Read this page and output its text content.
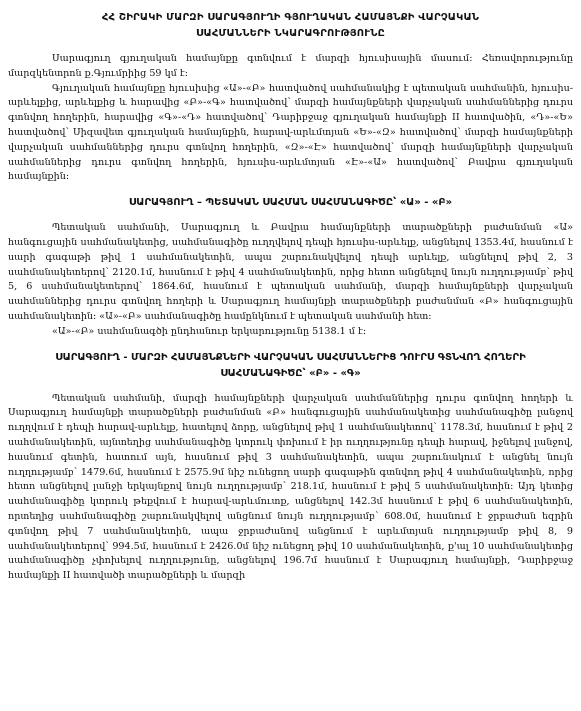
ՀՀ ՇԻՐԱԿԻ ՄԱՐԶԻ ՍԱՐԱԳՅՈՒՂԻ ԳՅՈՒՂԱԿԱՆ ՀԱՄԱՅՆՔԻ ՎԱՐՉԱԿԱՆ
ՍԱՀՄԱՆՆԵՐԻ ՆԿԱՐԱԳՐՈՒԹՅՈՒՆԸ

Սարագյուղ գյուղական համայնքը գտնվում է մարզի հյուսիսային մասում: Հեռավորությունը մարզկենտրոն ք.Գյումրիից 59 կմ է:

Գյուղական համայնքը հյուսիսից «Ա»-«Բ» հատվածով սահմանակից է պետական սահմանին, հյուսիս-արևելքից, արևելքից և հարավից «Բ»-«Գ» հատվածով՝ մարզի համայնքների վարչական սահմաններից դուրս գտնվող հողերին, հարավից «Գ»-«Դ» հատվածով՝ Դարիբջաջ գյուղական համայնքի II հատվածին, «Դ»-«Ե» հատվածով՝ Սիզավետ գյուղական համայնքին, հարավ-արևմտյան «Ե»-«Զ» հատվածով՝ մարզի համայնքների վարչական սահմաններից դուրս գտնվող հողերին, «Զ»-«Է» հատվածով՝ մարզի համայնքների վարչական սահմաններից դուրս գտնվող հողերին, հյուսիս-արևմտյան «Է»-«Ա» հատվածով՝ Բավրա գյուղական համայնքին:

ՍԱՐԱԳՅՈՒՂ – ՊԵՏԱԿԱՆ ՍԱՀՄԱՆ ՍԱՀՄԱՆԱԳԻԾԸ՝ «Ա» - «Բ»

Պետական սահմանի, Սարագյուղ և Բավրա համայնքների տարածքների բաժանման «Ա» հանգուցային սահմանակետից, սահմանագիծը ուղղվելով դեպի հյուսիս-արևելք, անցնելով 1353.4մ, հասնում է սարի գագաթի թիվ 1 սահմանակետին, ապա շարունակվելով դեպի արևելք, անցնելով թիվ 2, 3 սահմանակետերով՝ 2120.1մ, հասնում է թիվ 4 սահմանակետին, որից հետո անցնելով նույն ուղղությամբ՝ թիվ 5, 6 սահմանակետերով՝ 1864.6մ, հասնում է պետական սահմանի, մարզի համայնքների վարչական սահմաններից դուրս գտնվող հողերի և Սարագյուղ համայնքի տարածքների բաժանման «Բ» հանգուցային սահմանակետին: «Ա»-«Բ» սահմանագիծը համընկնում է պետական սահմանի հետ:

«Ա»-«Բ» սահմանագծի ընդհանուր երկարությունը 5138.1 մ է:

ՍԱՐԱԳՅՈՒՂ - ՄԱՐԶԻ ՀԱՄԱՅՆՔՆԵՐԻ ՎԱՐՉԱԿԱՆ ՍԱՀՄԱՆՆԵՐԻՑ ԴՈՒՐՍ ԳՏՆՎՈՂ ՀՈՂԵՐԻ
ՍԱՀՄԱՆԱԳԻԾԸ՝ «Բ» - «Գ»

Պետական սահմանի, մարզի համայնքների վարչական սահմաններից դուրս գտնվող հողերի և Սարագյուղ համայնքի տարածքների բաժանման «Բ» հանգուցային սահմանակետից սահմանագիծը լանջով ուղղվում է դեպի հարավ-արևելք, հատելով ձորը, անցնելով թիվ 1 սահմանակետով՝ 1178.3մ, հասնում է թիվ 2 սահմանակետին, այնտեղից սահմանագիծը կտրուկ փոխում է իր ուղղությունը դեպի հարավ, իջնելով լանջով, հասնում գետին, հատում այն, հասնում թիվ 3 սահմանակետին, ապա շարունակում է անցնել նույն ուղղությամբ՝ 1479.6մ, հասնում է 2575.9մ նիշ ունեցող սարի գագաթին գտնվող թիվ 4 սահմանակետին, որից հետո անցնելով լանջի երկայնքով նույն ուղղությամբ՝ 218.1մ, հասնում է թիվ 5 սահմանակետին: Այդ կետից սահմանագիծը կտրուկ թեքվում է հարավ-արևմուտք, անցնելով 142.3մ հասնում է թիվ 6 սահմանակետին, որտեղից սահմանագիծը շարունակվելով անցնում նույն ուղղությամբ՝ 608.0մ, հասնում է ջրբաժան եզրին գտնվող թիվ 7 սահմանակետին, ապա ջրբաժանով անցնում է արևմտյան ուղղությամբ թիվ 8, 9 սահմանակետերով՝ 994.5մ, հասնում է 2426.0մ նիշ ունեցող թիվ 10 սահմանակետին, ք'ալ 10 սահմանակետից սահմանագիծը չփոխելով ուղղությունը, անցնելով 196.7մ հասնում է Սարագյուղ համայնքի, Դարիբջաջ համայնքի II հատվածի տարածքների և մարզի
